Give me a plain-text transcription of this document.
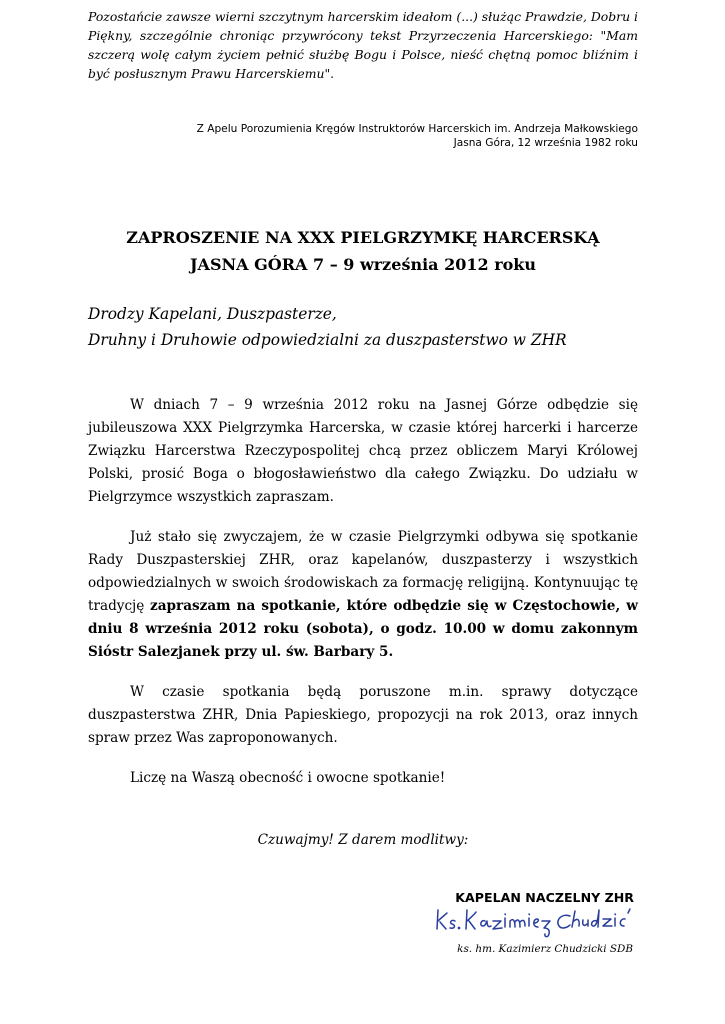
Pozostańcie zawsze wierni szczytnym harcerskim ideałom (...) służąc Prawdzie, Dobru i Piękny, szczególnie chroniąc przywrócony tekst Przyrzeczenia Harcerskiego: "Mam szczerą wolę całym życiem pełnić służbę Bogu i Polsce, nieść chętną pomoc bliźnim i być posłusznym Prawu Harcerskiemu".

Z Apelu Porozumienia Kręgów Instruktorów Harcerskich im. Andrzeja Małkowskiego
Jasna Góra, 12 września 1982 roku
ZAPROSZENIE NA XXX PIELGRZYMKĘ HARCERSKĄ
JASNA GÓRA 7 – 9 września 2012 roku
Drodzy Kapelani, Duszpasterze,
Druhny i Druhowie odpowiedzialni za duszpasterstwo w ZHR

W dniach 7 – 9 września 2012 roku na Jasnej Górze odbędzie się jubileuszowa XXX Pielgrzymka Harcerska, w czasie której harcerki i harcerze Związku Harcerstwa Rzeczypospolitej chcą przez obliczem Maryi Królowej Polski, prosić Boga o błogosławieństwo dla całego Związku. Do udziału w Pielgrzymce wszystkich zapraszam.

Już stało się zwyczajem, że w czasie Pielgrzymki odbywa się spotkanie Rady Duszpasterskiej ZHR, oraz kapelanów, duszpasterzy i wszystkich odpowiedzialnych w swoich środowiskach za formację religijną. Kontynuując tę tradycję zapraszam na spotkanie, które odbędzie się w Częstochowie, w dniu 8 września 2012 roku (sobota), o godz. 10.00 w domu zakonnym Sióstr Salezjanek przy ul. św. Barbary 5.

W czasie spotkania będą poruszone m.in. sprawy dotyczące duszpasterstwa ZHR, Dnia Papieskiego, propozycji na rok 2013, oraz innych spraw przez Was zaproponowanych.

Liczę na Waszą obecność i owocne spotkanie!

Czuwajmy! Z darem modlitwy:
KAPELAN NACZELNY ZHR
ks. hm. Kazimierz Chudzicki SDB
